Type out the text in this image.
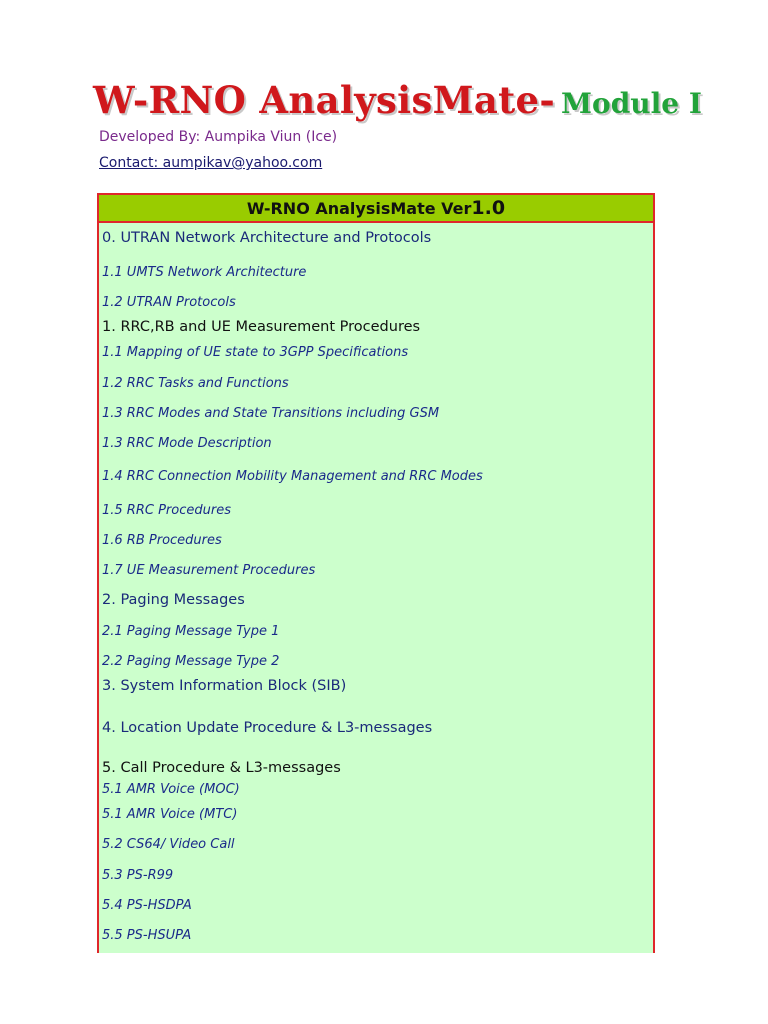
W-RNO AnalysisMate- Module I
Developed By: Aumpika Viun (Ice)
Contact: aumpikav@yahoo.com
W-RNO AnalysisMate Ver1.0
0. UTRAN Network Architecture and Protocols
1.1 UMTS Network Architecture
1.2 UTRAN Protocols
1. RRC,RB and UE Measurement Procedures
1.1 Mapping of UE state to 3GPP Specifications
1.2 RRC Tasks and Functions
1.3 RRC Modes and State Transitions including GSM
1.3 RRC Mode Description
1.4 RRC Connection Mobility Management and RRC Modes
1.5 RRC Procedures
1.6 RB Procedures
1.7 UE Measurement Procedures
2. Paging Messages
2.1 Paging Message Type 1
2.2 Paging Message Type 2
3. System Information Block (SIB)
4. Location Update Procedure & L3-messages
5. Call Procedure & L3-messages
5.1 AMR Voice (MOC)
5.1 AMR Voice (MTC)
5.2 CS64/ Video Call
5.3 PS-R99
5.4 PS-HSDPA
5.5 PS-HSUPA
